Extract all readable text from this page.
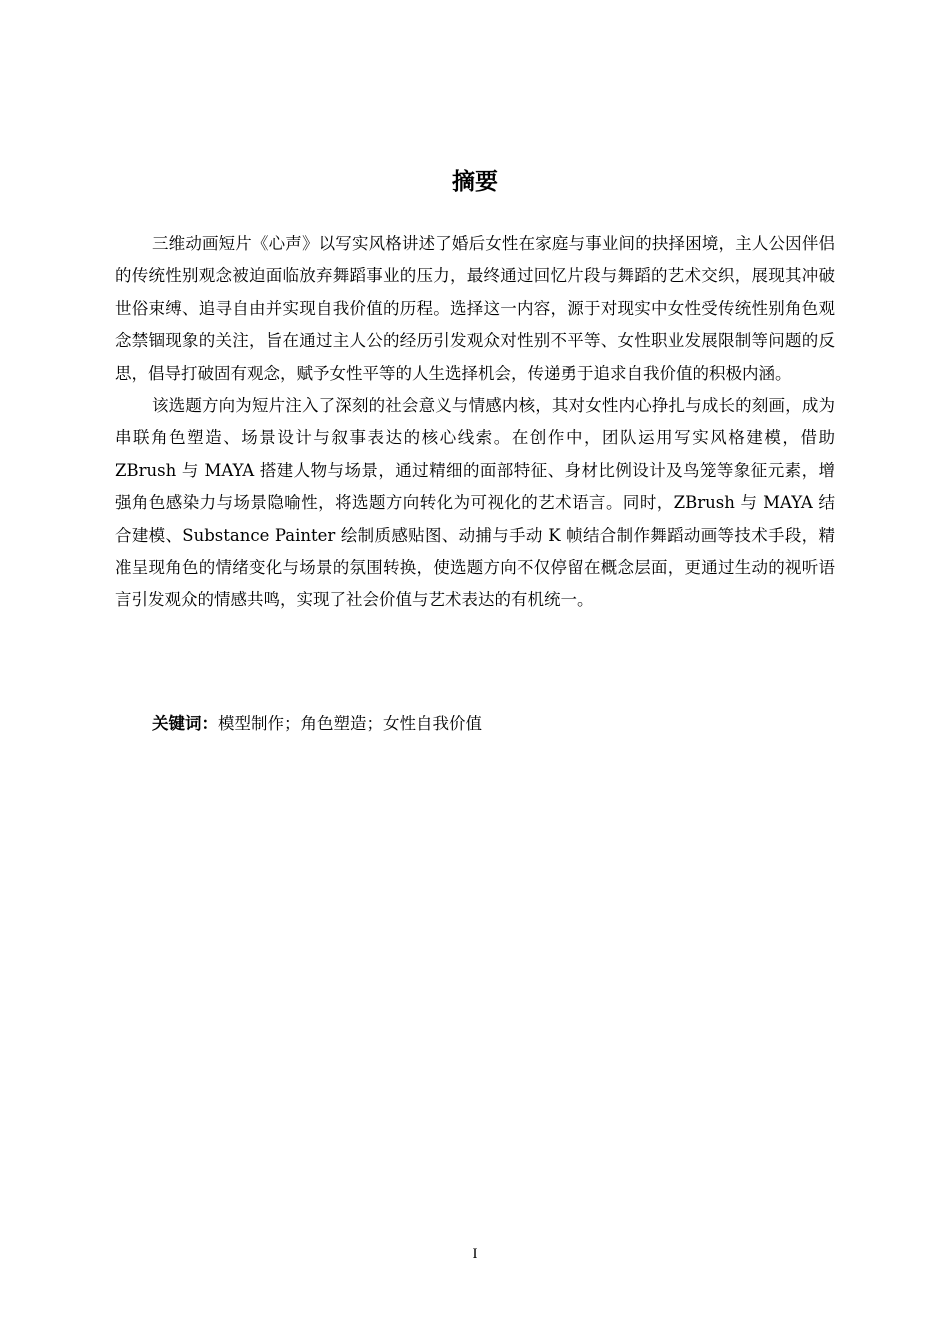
摘要

三维动画短片《心声》以写实风格讲述了婚后女性在家庭与事业间的抉择困境，主人公因伴侣的传统性别观念被迫面临放弃舞蹈事业的压力，最终通过回忆片段与舞蹈的艺术交织，展现其冲破世俗束缚、追寻自由并实现自我价值的历程。选择这一内容，源于对现实中女性受传统性别角色观念禁锢现象的关注，旨在通过主人公的经历引发观众对性别不平等、女性职业发展限制等问题的反思，倡导打破固有观念，赋予女性平等的人生选择机会，传递勇于追求自我价值的积极内涵。

该选题方向为短片注入了深刻的社会意义与情感内核，其对女性内心挣扎与成长的刻画，成为串联角色塑造、场景设计与叙事表达的核心线索。在创作中，团队运用写实风格建模，借助 ZBrush 与 MAYA 搭建人物与场景，通过精细的面部特征、身材比例设计及鸟笼等象征元素，增强角色感染力与场景隐喻性，将选题方向转化为可视化的艺术语言。同时，ZBrush 与 MAYA 结合建模、Substance Painter 绘制质感贴图、动捕与手动 K 帧结合制作舞蹈动画等技术手段，精准呈现角色的情绪变化与场景的氛围转换，使选题方向不仅停留在概念层面，更通过生动的视听语言引发观众的情感共鸣，实现了社会价值与艺术表达的有机统一。

关键词：模型制作；角色塑造；女性自我价值

I
